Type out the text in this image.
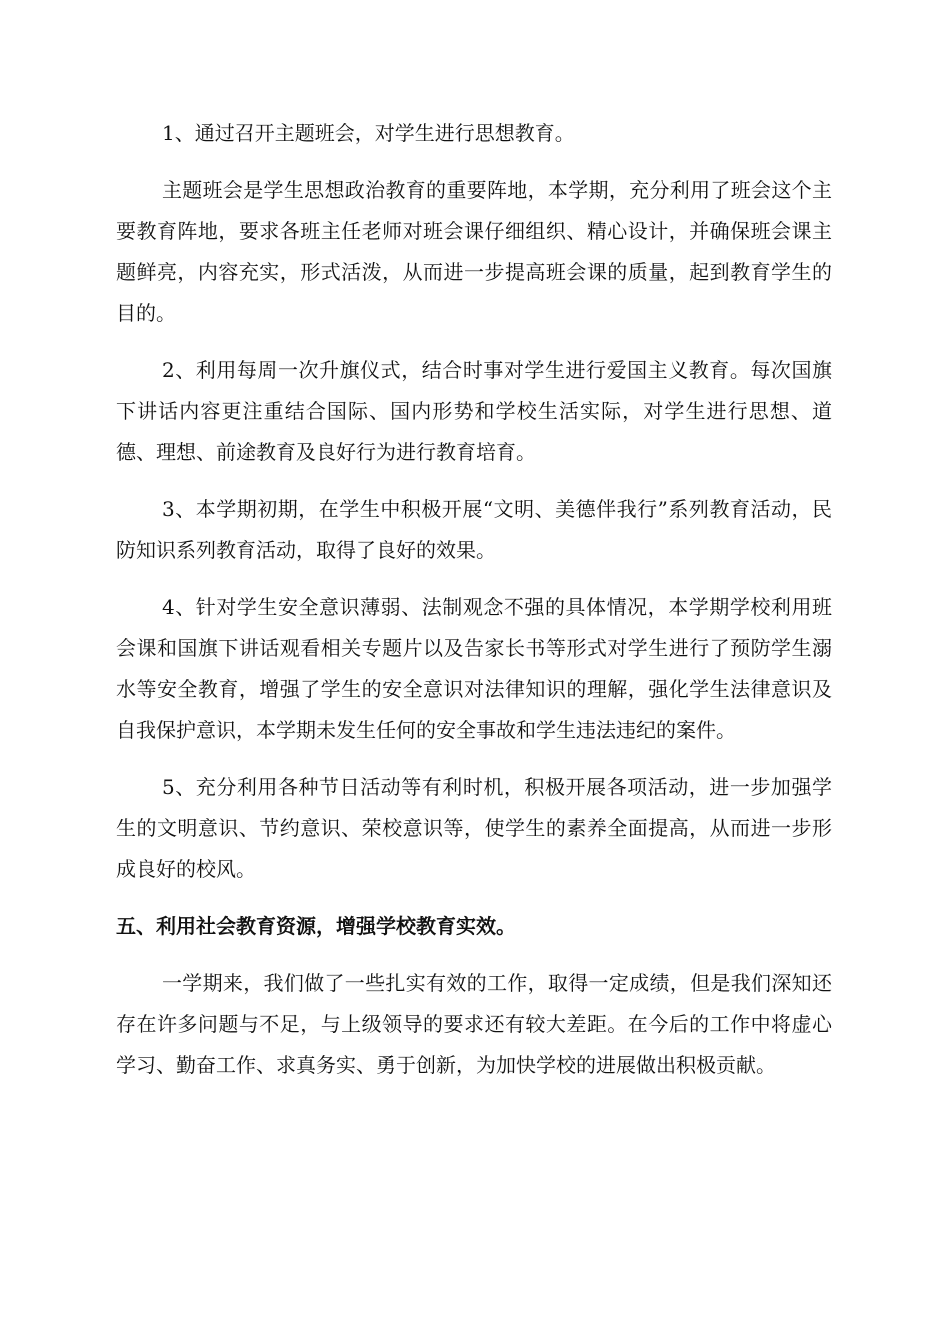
1、通过召开主题班会，对学生进行思想教育。

主题班会是学生思想政治教育的重要阵地，本学期，充分利用了班会这个主要教育阵地，要求各班主任老师对班会课仔细组织、精心设计，并确保班会课主题鲜亮，内容充实，形式活泼，从而进一步提高班会课的质量，起到教育学生的目的。

2、利用每周一次升旗仪式，结合时事对学生进行爱国主义教育。每次国旗下讲话内容更注重结合国际、国内形势和学校生活实际，对学生进行思想、道德、理想、前途教育及良好行为进行教育培育。

3、本学期初期，在学生中积极开展“文明、美德伴我行”系列教育活动，民防知识系列教育活动，取得了良好的效果。

4、针对学生安全意识薄弱、法制观念不强的具体情况，本学期学校利用班会课和国旗下讲话观看相关专题片以及告家长书等形式对学生进行了预防学生溺水等安全教育，增强了学生的安全意识对法律知识的理解，强化学生法律意识及自我保护意识，本学期未发生任何的安全事故和学生违法违纪的案件。

5、充分利用各种节日活动等有利时机，积极开展各项活动，进一步加强学生的文明意识、节约意识、荣校意识等，使学生的素养全面提高，从而进一步形成良好的校风。

五、利用社会教育资源，增强学校教育实效。

一学期来，我们做了一些扎实有效的工作，取得一定成绩，但是我们深知还存在许多问题与不足，与上级领导的要求还有较大差距。在今后的工作中将虚心学习、勤奋工作、求真务实、勇于创新，为加快学校的进展做出积极贡献。
